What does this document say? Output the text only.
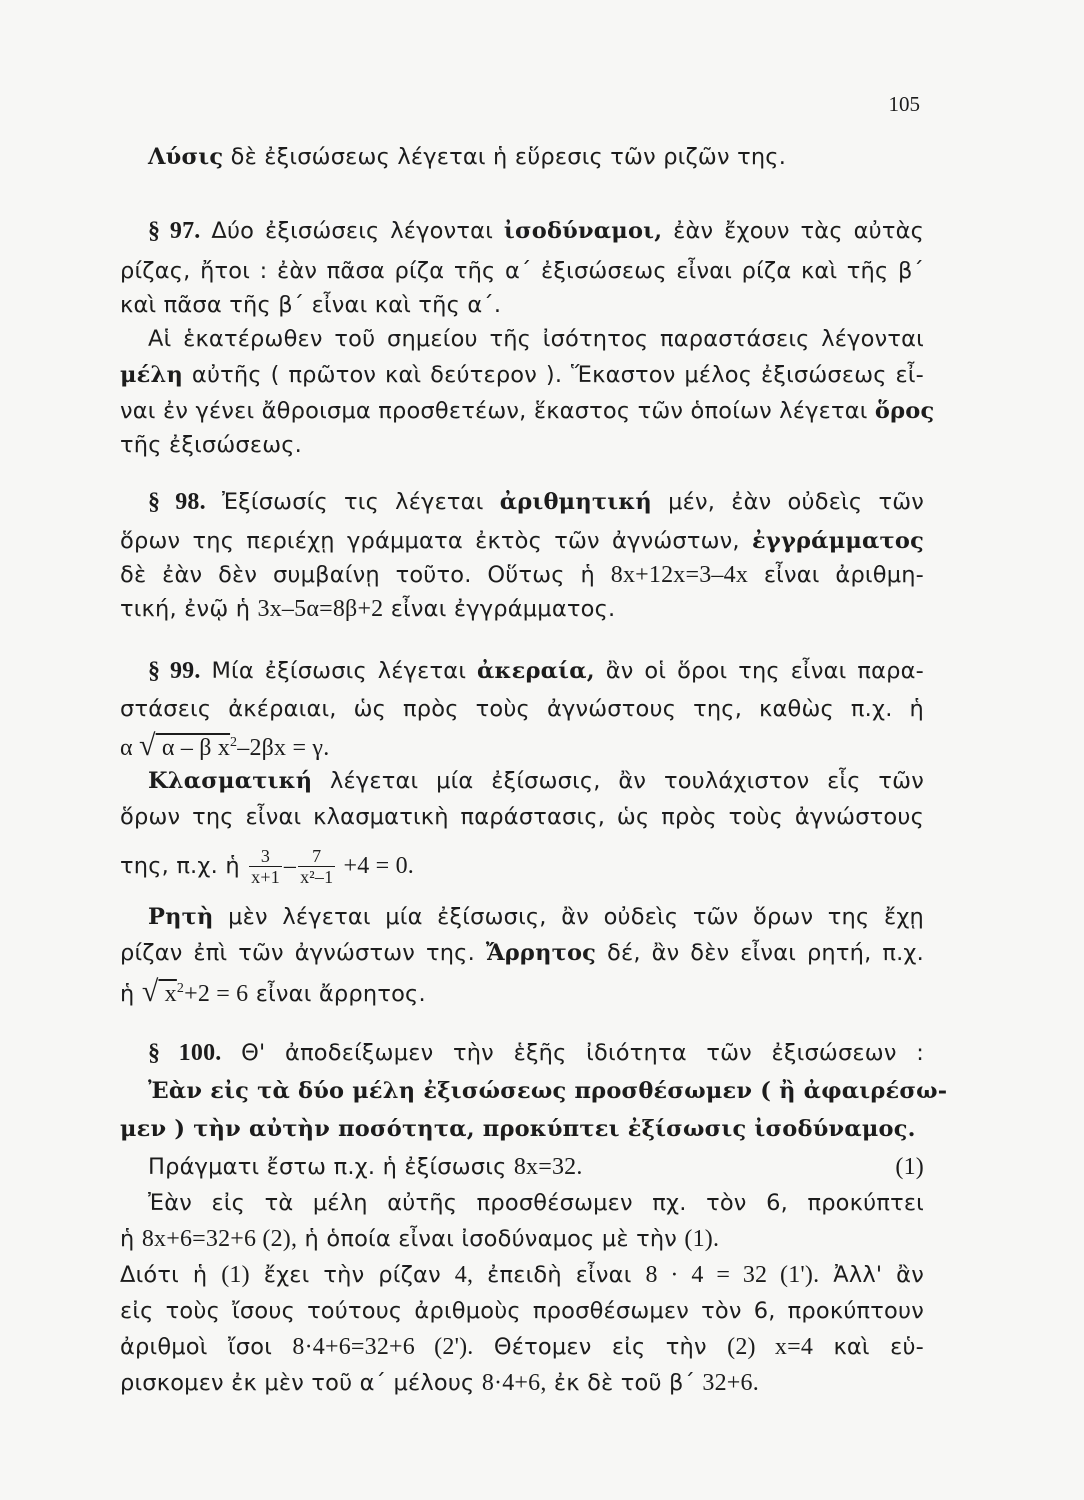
105
Λύσις δὲ ἐξισώσεως λέγεται ἡ εὕρεσις τῶν ριζῶν της.
§ 97. Δύο ἐξισώσεις λέγονται ἰσοδύναμοι, ἐὰν ἔχουν τὰς αὐτὰς
ρίζας, ἤτοι : ἐὰν πᾶσα ρίζα τῆς α΄ ἐξισώσεως εἶναι ρίζα καὶ τῆς β΄
καὶ πᾶσα τῆς β΄ εἶναι καὶ τῆς α΄.
Αἱ ἑκατέρωθεν τοῦ σημείου τῆς ἰσότητος παραστάσεις λέγονται
μέλη αὐτῆς ( πρῶτον καὶ δεύτερον ). Ἕκαστον μέλος ἐξισώσεως εἶ-
ναι ἐν γένει ἄθροισμα προσθετέων, ἕκαστος τῶν ὁποίων λέγεται ὅρος
τῆς ἐξισώσεως.
§ 98. Ἐξίσωσίς τις λέγεται ἀριθμητική μέν, ἐὰν οὐδεὶς τῶν
ὅρων της περιέχῃ γράμματα ἐκτὸς τῶν ἀγνώστων, ἐγγράμματος
δὲ ἐὰν δὲν συμβαίνῃ τοῦτο. Οὕτως ἡ 8x+12x=3–4x εἶναι ἀριθμη-
τική, ἐνῷ ἡ 3x–5α=8β+2 εἶναι ἐγγράμματος.
§ 99. Μία ἐξίσωσις λέγεται ἀκεραία, ἂν οἱ ὅροι της εἶναι παρα-
στάσεις ἀκέραιαι, ὡς πρὸς τοὺς ἀγνώστους της, καθὼς π.χ. ἡ
α √ α – β $x^2-2\beta x = \gamma$.
Κλασματική λέγεται μία ἐξίσωσις, ἂν τουλάχιστον εἷς τῶν
ὅρων της εἶναι κλασματικὴ παράστασις, ὡς πρὸς τοὺς ἀγνώστους
της, π.χ. ἡ $\frac{3}{x+1} - \frac{7}{\text{x²–1}} +4 = 0$.
Ρητὴ μὲν λέγεται μία ἐξίσωσις, ἂν οὐδεὶς τῶν ὅρων της ἔχῃ
ρίζαν ἐπὶ τῶν ἀγνώστων της. Ἄρρητος δέ, ἂν δὲν εἶναι ρητή, π.χ.
ἡ √ $x^2+2 = 6$ εἶναι ἄρρητος.
§ 100. Θ' ἀποδείξωμεν τὴν ἑξῆς ἰδιότητα τῶν ἐξισώσεων :
Ἐὰν εἰς τὰ δύο μέλη ἐξισώσεως προσθέσωμεν ( ἢ ἀφαιρέσω-
μεν ) τὴν αὐτὴν ποσότητα, προκύπτει ἐξίσωσις ἰσοδύναμος.
Πράγματι ἔστω π.χ. ἡ ἐξίσωσις 8x=32.	(1)
Ἐὰν εἰς τὰ μέλη αὐτῆς προσθέσωμεν πχ. τὸν 6, προκύπτει
ἡ 8x+6=32+6 (2), ἡ ὁποία εἶναι ἰσοδύναμος μὲ τὴν (1).
Διότι ἡ (1) ἔχει τὴν ρίζαν 4, ἐπειδὴ εἶναι 8 · 4 = 32 (1'). Ἀλλ' ἂν
εἰς τοὺς ἴσους τούτους ἀριθμοὺς προσθέσωμεν τὸν 6, προκύπτουν
ἀριθμοὶ ἴσοι 8·4+6=32+6 (2'). Θέτομεν εἰς τὴν (2) x=4 καὶ εὑ-
ρισκομεν ἐκ μὲν τοῦ α΄ μέλους 8·4+6, ἐκ δὲ τοῦ β΄ 32+6.
